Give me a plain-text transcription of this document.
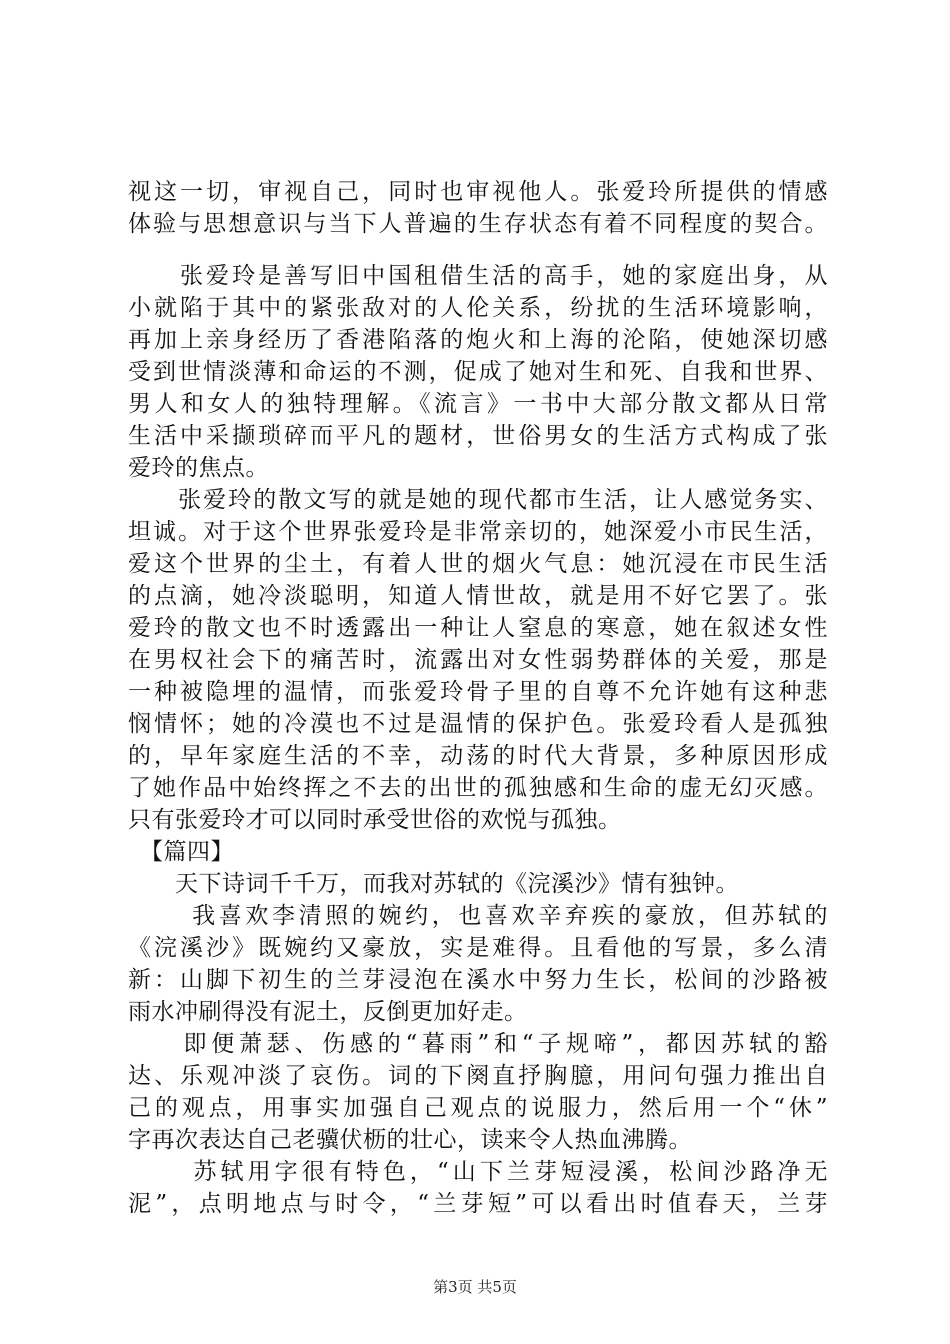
视这一切，审视自己，同时也审视他人。张爱玲所提供的情感
体验与思想意识与当下人普遍的生存状态有着不同程度的契合。
　　张爱玲是善写旧中国租借生活的高手，她的家庭出身，从
小就陷于其中的紧张敌对的人伦关系，纷扰的生活环境影响，
再加上亲身经历了香港陷落的炮火和上海的沦陷，使她深切感
受到世情淡薄和命运的不测，促成了她对生和死、自我和世界、
男人和女人的独特理解。《流言》一书中大部分散文都从日常
生活中采撷琐碎而平凡的题材，世俗男女的生活方式构成了张
爱玲的焦点。
　　张爱玲的散文写的就是她的现代都市生活，让人感觉务实、
坦诚。对于这个世界张爱玲是非常亲切的，她深爱小市民生活，
爱这个世界的尘土，有着人世的烟火气息：她沉浸在市民生活
的点滴，她冷淡聪明，知道人情世故，就是用不好它罢了。张
爱玲的散文也不时透露出一种让人窒息的寒意，她在叙述女性
在男权社会下的痛苦时，流露出对女性弱势群体的关爱，那是
一种被隐埋的温情，而张爱玲骨子里的自尊不允许她有这种悲
悯情怀；她的冷漠也不过是温情的保护色。张爱玲看人是孤独
的，早年家庭生活的不幸，动荡的时代大背景，多种原因形成
了她作品中始终挥之不去的出世的孤独感和生命的虚无幻灭感。
只有张爱玲才可以同时承受世俗的欢悦与孤独。
　【篇四】
　　天下诗词千千万，而我对苏轼的《浣溪沙》情有独钟。
　　 我喜欢李清照的婉约，也喜欢辛弃疾的豪放，但苏轼的
《浣溪沙》既婉约又豪放，实是难得。且看他的写景，多么清
新：山脚下初生的兰芽浸泡在溪水中努力生长，松间的沙路被
雨水冲刷得没有泥土，反倒更加好走。
　　即便萧瑟、伤感的“暮雨”和“子规啼”，都因苏轼的豁
达、乐观冲淡了哀伤。词的下阕直抒胸臆，用问句强力推出自
己的观点，用事实加强自己观点的说服力，然后用一个“休”
字再次表达自己老骥伏枥的壮心，读来令人热血沸腾。
　　 苏轼用字很有特色，“山下兰芽短浸溪，松间沙路净无
泥”，点明地点与时令，“兰芽短”可以看出时值春天，兰芽
第3页 共5页
